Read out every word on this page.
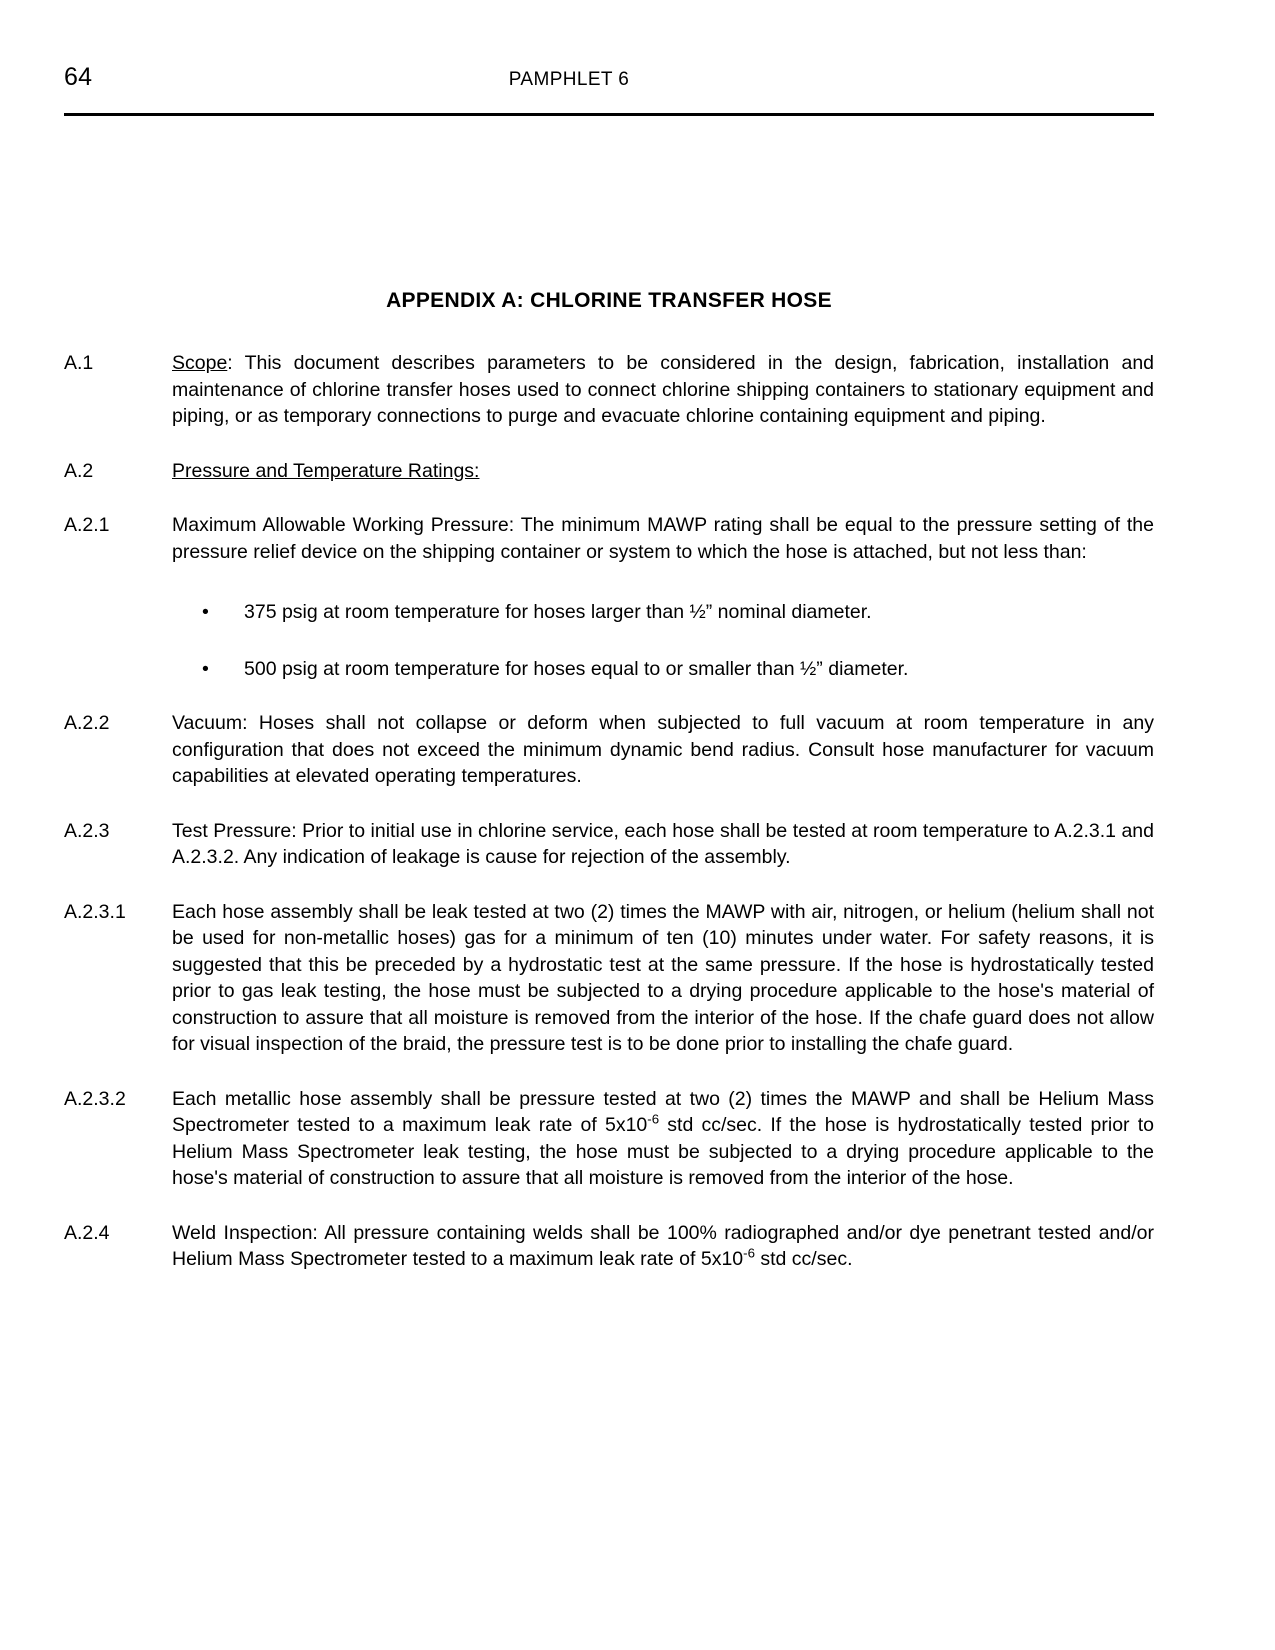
64	PAMPHLET 6
APPENDIX A: CHLORINE TRANSFER HOSE
A.1	Scope: This document describes parameters to be considered in the design, fabrication, installation and maintenance of chlorine transfer hoses used to connect chlorine shipping containers to stationary equipment and piping, or as temporary connections to purge and evacuate chlorine containing equipment and piping.
A.2	Pressure and Temperature Ratings:
A.2.1	Maximum Allowable Working Pressure: The minimum MAWP rating shall be equal to the pressure setting of the pressure relief device on the shipping container or system to which the hose is attached, but not less than:
• 375 psig at room temperature for hoses larger than ½” nominal diameter.
• 500 psig at room temperature for hoses equal to or smaller than ½” diameter.
A.2.2	Vacuum: Hoses shall not collapse or deform when subjected to full vacuum at room temperature in any configuration that does not exceed the minimum dynamic bend radius. Consult hose manufacturer for vacuum capabilities at elevated operating temperatures.
A.2.3	Test Pressure: Prior to initial use in chlorine service, each hose shall be tested at room temperature to A.2.3.1 and A.2.3.2. Any indication of leakage is cause for rejection of the assembly.
A.2.3.1	Each hose assembly shall be leak tested at two (2) times the MAWP with air, nitrogen, or helium (helium shall not be used for non-metallic hoses) gas for a minimum of ten (10) minutes under water. For safety reasons, it is suggested that this be preceded by a hydrostatic test at the same pressure. If the hose is hydrostatically tested prior to gas leak testing, the hose must be subjected to a drying procedure applicable to the hose's material of construction to assure that all moisture is removed from the interior of the hose. If the chafe guard does not allow for visual inspection of the braid, the pressure test is to be done prior to installing the chafe guard.
A.2.3.2	Each metallic hose assembly shall be pressure tested at two (2) times the MAWP and shall be Helium Mass Spectrometer tested to a maximum leak rate of $5x10^{-6}$ std cc/sec. If the hose is hydrostatically tested prior to Helium Mass Spectrometer leak testing, the hose must be subjected to a drying procedure applicable to the hose's material of construction to assure that all moisture is removed from the interior of the hose.
A.2.4	Weld Inspection: All pressure containing welds shall be 100% radiographed and/or dye penetrant tested and/or Helium Mass Spectrometer tested to a maximum leak rate of $5x10^{-6}$ std cc/sec.
